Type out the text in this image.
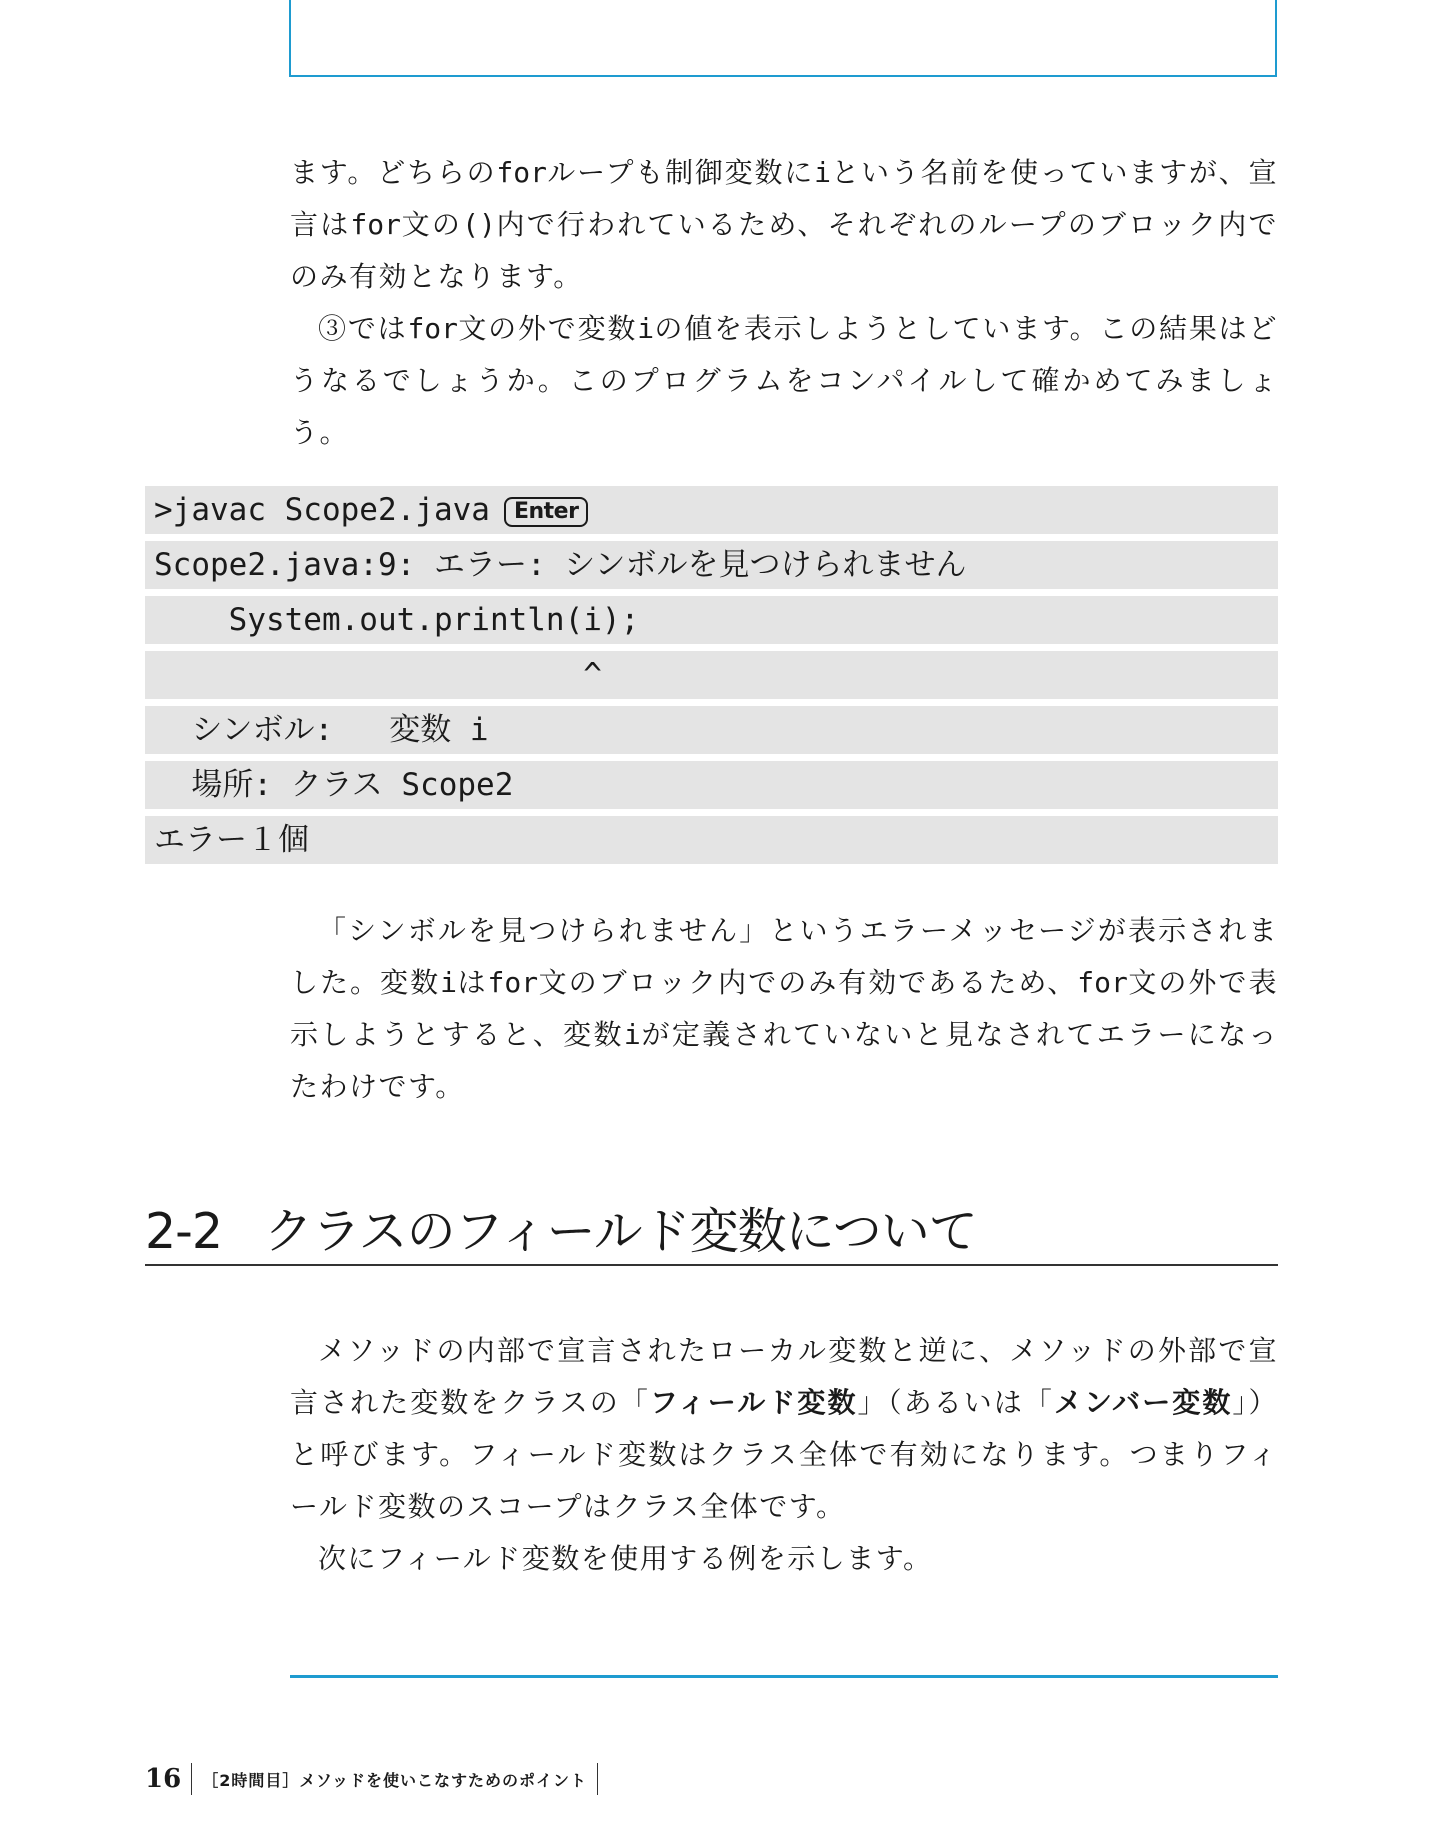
ます。どちらのforループも制御変数にiという名前を使っていますが、宣言はfor文の()内で行われているため、それぞれのループのブロック内でのみ有効となります。

③ではfor文の外で変数iの値を表示しようとしています。この結果はどうなるでしょうか。このプログラムをコンパイルして確かめてみましょう。

>javac Scope2.java Enter
Scope2.java:9: エラー: シンボルを見つけられません
System.out.println(i);
^
シンボル:   変数 i
場所: クラス Scope2
エラー１個

「シンボルを見つけられません」というエラーメッセージが表示されました。変数iはfor文のブロック内でのみ有効であるため、for文の外で表示しようとすると、変数iが定義されていないと見なされてエラーになったわけです。

2-2 クラスのフィールド変数について

メソッドの内部で宣言されたローカル変数と逆に、メソッドの外部で宣言された変数をクラスの「フィールド変数」（あるいは「メンバー変数」）と呼びます。フィールド変数はクラス全体で有効になります。つまりフィールド変数のスコープはクラス全体です。

次にフィールド変数を使用する例を示します。

16 ［2時間目］メソッドを使いこなすためのポイント
